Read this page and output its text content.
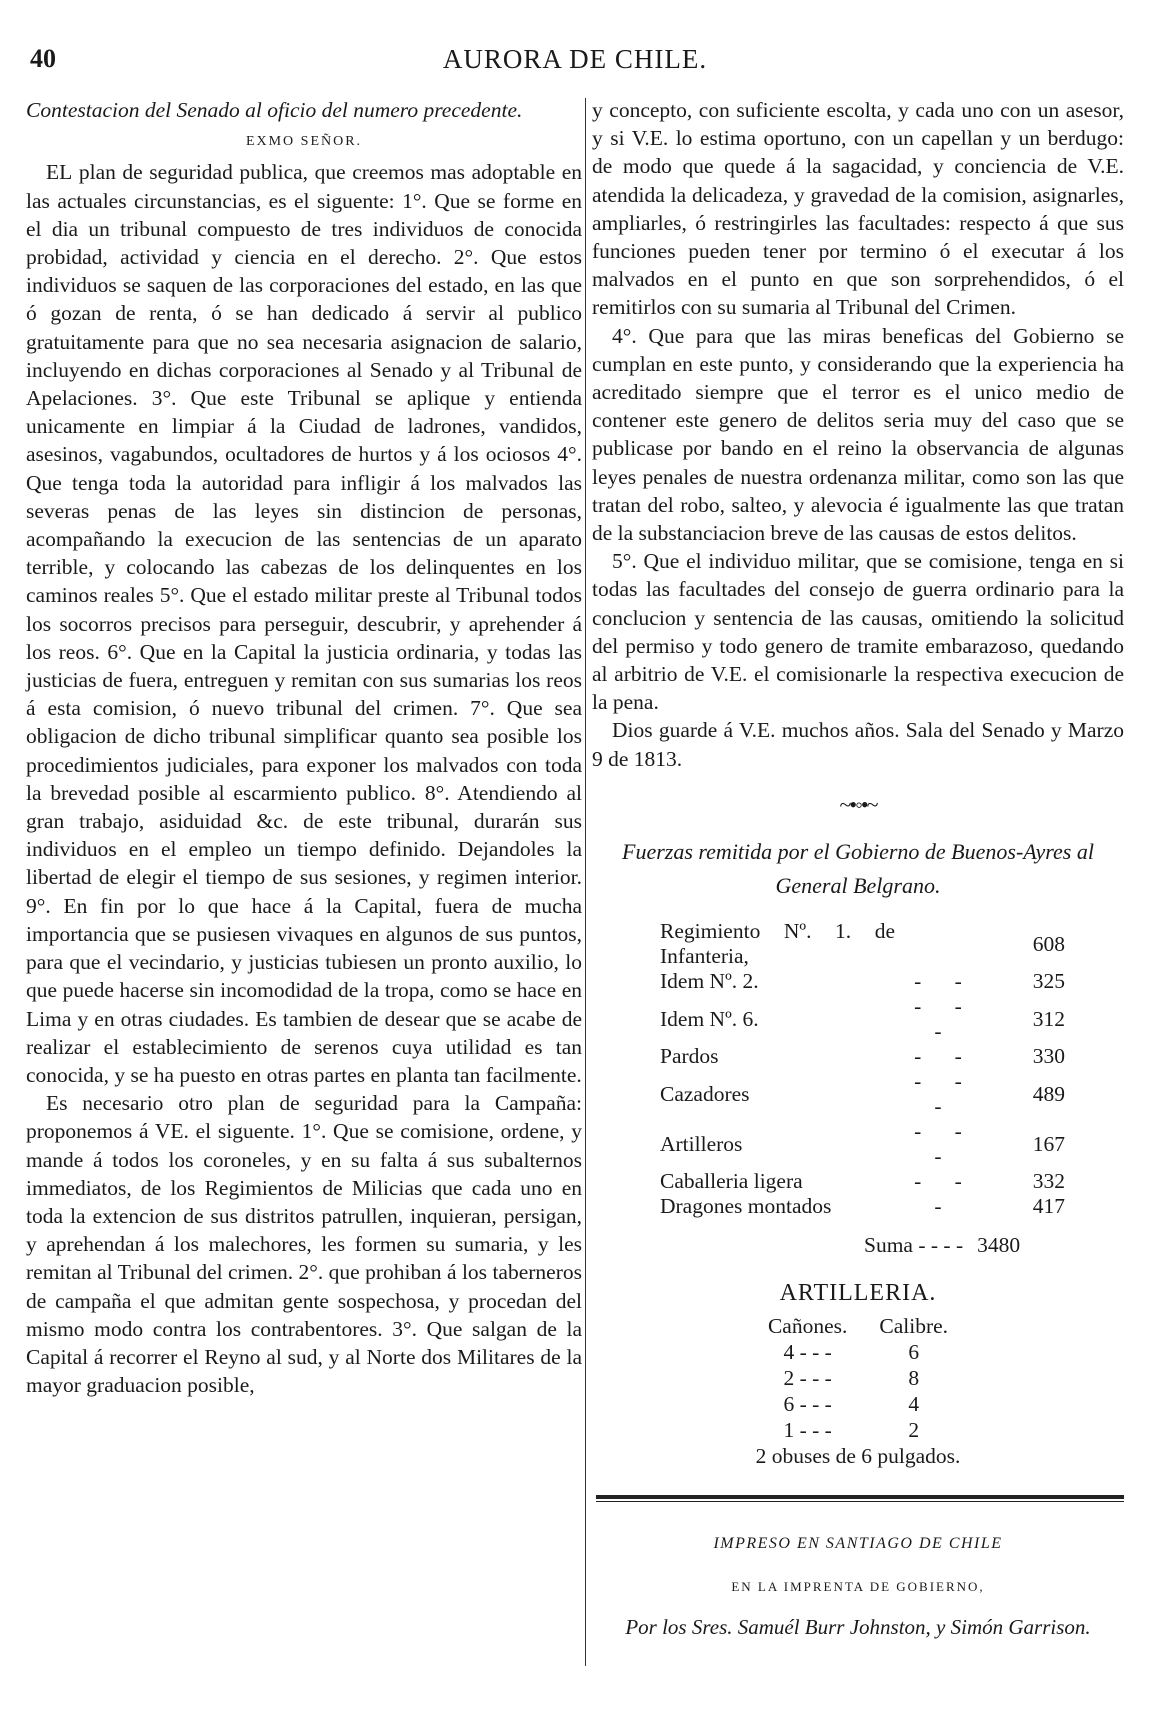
40	AURORA DE CHILE.
Contestacion del Senado al oficio del numero precedente.
EXMO SEÑOR.

EL plan de seguridad publica, que creemos mas adoptable en las actuales circunstancias, es el siguente: 1°. Que se forme en el dia un tribunal compuesto de tres individuos de conocida probidad, actividad y ciencia en el derecho. 2°. Que estos individuos se saquen de las corporaciones del estado, en las que ó gozan de renta, ó se han dedicado á servir al publico gratuitamente para que no sea necesaria asignacion de salario, incluyendo en dichas corporaciones al Senado y al Tribunal de Apelaciones. 3°. Que este Tribunal se aplique y entienda unicamente en limpiar á la Ciudad de ladrones, vandidos, asesinos, vagabundos, ocultadores de hurtos y á los ociosos 4°. Que tenga toda la autoridad para infligir á los malvados las severas penas de las leyes sin distincion de personas, acompañando la execucion de las sentencias de un aparato terrible, y colocando las cabezas de los delinquentes en los caminos reales 5°. Que el estado militar preste al Tribunal todos los socorros precisos para perseguir, descubrir, y aprehender á los reos. 6°. Que en la Capital la justicia ordinaria, y todas las justicias de fuera, entreguen y remitan con sus sumarias los reos á esta comision, ó nuevo tribunal del crimen. 7°. Que sea obligacion de dicho tribunal simplificar quanto sea posible los procedimientos judiciales, para exponer los malvados con toda la brevedad posible al escarmiento publico. 8°. Atendiendo al gran trabajo, asiduidad &c. de este tribunal, durarán sus individuos en el empleo un tiempo definido. Dejandoles la libertad de elegir el tiempo de sus sesiones, y regimen interior. 9°. En fin por lo que hace á la Capital, fuera de mucha importancia que se pusiesen vivaques en algunos de sus puntos, para que el vecindario, y justicias tubiesen un pronto auxilio, lo que puede hacerse sin incomodidad de la tropa, como se hace en Lima y en otras ciudades. Es tambien de desear que se acabe de realizar el establecimiento de serenos cuya utilidad es tan conocida, y se ha puesto en otras partes en planta tan facilmente.

Es necesario otro plan de seguridad para la Campaña: proponemos á VE. el siguente. 1°. Que se comisione, ordene, y mande á todos los coroneles, y en su falta á sus subalternos immediatos, de los Regimientos de Milicias que cada uno en toda la extencion de sus distritos patrullen, inquieran, persigan, y aprehendan á los malechores, les formen su sumaria, y les remitan al Tribunal del crimen. 2°. que prohiban á los taberneros de campaña el que admitan gente sospechosa, y procedan del mismo modo contra los contrabentores. 3°. Que salgan de la Capital á recorrer el Reyno al sud, y al Norte dos Militares de la mayor graduacion posible,

y concepto, con suficiente escolta, y cada uno con un asesor, y si V.E. lo estima oportuno, con un capellan y un berdugo: de modo que quede á la sagacidad, y conciencia de V.E. atendida la delicadeza, y gravedad de la comision, asignarles, ampliarles, ó restringirles las facultades: respecto á que sus funciones pueden tener por termino ó el executar á los malvados en el punto en que son sorprehendidos, ó el remitirlos con su sumaria al Tribunal del Crimen.

4°. Que para que las miras beneficas del Gobierno se cumplan en este punto, y considerando que la experiencia ha acreditado siempre que el terror es el unico medio de contener este genero de delitos seria muy del caso que se publicase por bando en el reino la observancia de algunas leyes penales de nuestra ordenanza militar, como son las que tratan del robo, salteo, y alevocia é igualmente las que tratan de la substanciacion breve de las causas de estos delitos.

5°. Que el individuo militar, que se comisione, tenga en si todas las facultades del consejo de guerra ordinario para la conclucion y sentencia de las causas, omitiendo la solicitud del permiso y todo genero de tramite embarazoso, quedando al arbitrio de V.E. el comisionarle la respectiva execucion de la pena.

Dios guarde á V.E. muchos años. Sala del Senado y Marzo 9 de 1813.

~•◦•~
Fuerzas remitida por el Gobierno de Buenos-Ayres al General Belgrano.
Regimiento Nº. 1. de Infanteria,		608
Idem Nº. 2.	- -	325
Idem Nº. 6.	- - -	312
Pardos	- -	330
Cazadores	- - -	489
Artilleros	- - -	167
Caballeria ligera	- -	332
Dragones montados	-	417
Suma - - - - 3480
ARTILLERIA.
Cañones.	Calibre.
4 - - -	6
2 - - -	8
6 - - -	4
1 - - -	2
2 obuses de 6 pulgados.
IMPRESO EN SANTIAGO DE CHILE
EN LA IMPRENTA DE GOBIERNO,
Por los Sres. Samuél Burr Johnston, y Simón Garrison.
